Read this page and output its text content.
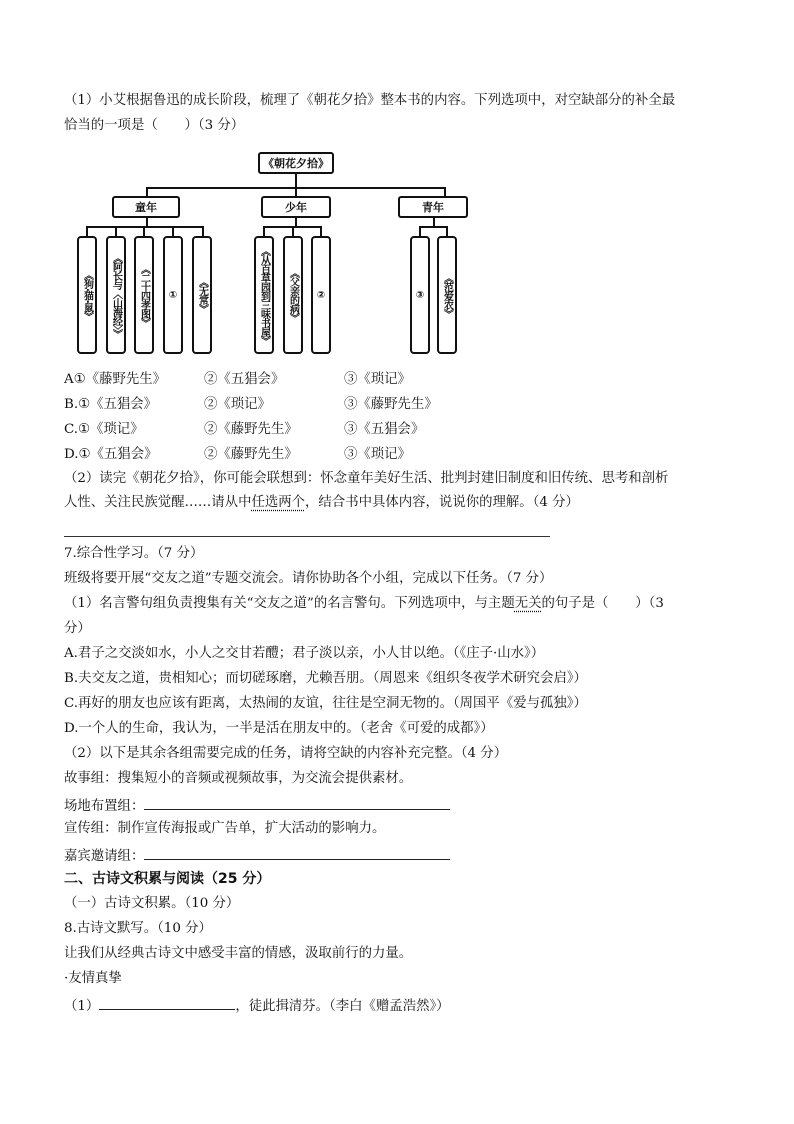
（1）小艾根据鲁迅的成长阶段，梳理了《朝花夕拾》整本书的内容。下列选项中，对空缺部分的补全最
恰当的一项是（　　）（3 分）
《朝花夕拾》
童年	少年	青年
《狗·猫·鼠》	《阿长与〈山海经〉》	《二十四孝图》	①	《无常》	《从百草园到三味书屋》	《父亲的病》	②	③	《范爱农》
A①《藤野先生》	②《五猖会》	③《琐记》
B.①《五猖会》	②《琐记》	③《藤野先生》
C.①《琐记》	②《藤野先生》	③《五猖会》
D.①《五猖会》	②《藤野先生》	③《琐记》
（2）读完《朝花夕拾》，你可能会联想到：怀念童年美好生活、批判封建旧制度和旧传统、思考和剖析
人性、关注民族觉醒……请从中任选两个，结合书中具体内容，说说你的理解。（4 分）
7.综合性学习。（7 分）
班级将要开展“交友之道”专题交流会。请你协助各个小组，完成以下任务。（7 分）
（1）名言警句组负责搜集有关“交友之道”的名言警句。下列选项中，与主题无关的句子是（　　）（3
分）
A.君子之交淡如水，小人之交甘若醴；君子淡以亲，小人甘以绝。（《庄子·山水》）
B.夫交友之道，贵相知心；而切磋琢磨，尤赖吾朋。（周恩来《组织冬夜学术研究会启》）
C.再好的朋友也应该有距离，太热闹的友谊，往往是空洞无物的。（周国平《爱与孤独》）
D.一个人的生命，我认为，一半是活在朋友中的。（老舍《可爱的成都》）
（2）以下是其余各组需要完成的任务，请将空缺的内容补充完整。（4 分）
故事组：搜集短小的音频或视频故事，为交流会提供素材。
场地布置组：
宣传组：制作宣传海报或广告单，扩大活动的影响力。
嘉宾邀请组：
二、古诗文积累与阅读（25 分）
（一）古诗文积累。（10 分）
8.古诗文默写。（10 分）
让我们从经典古诗文中感受丰富的情感，汲取前行的力量。
·友情真挚
（1）	，徒此揖清芬。（李白《赠孟浩然》）
